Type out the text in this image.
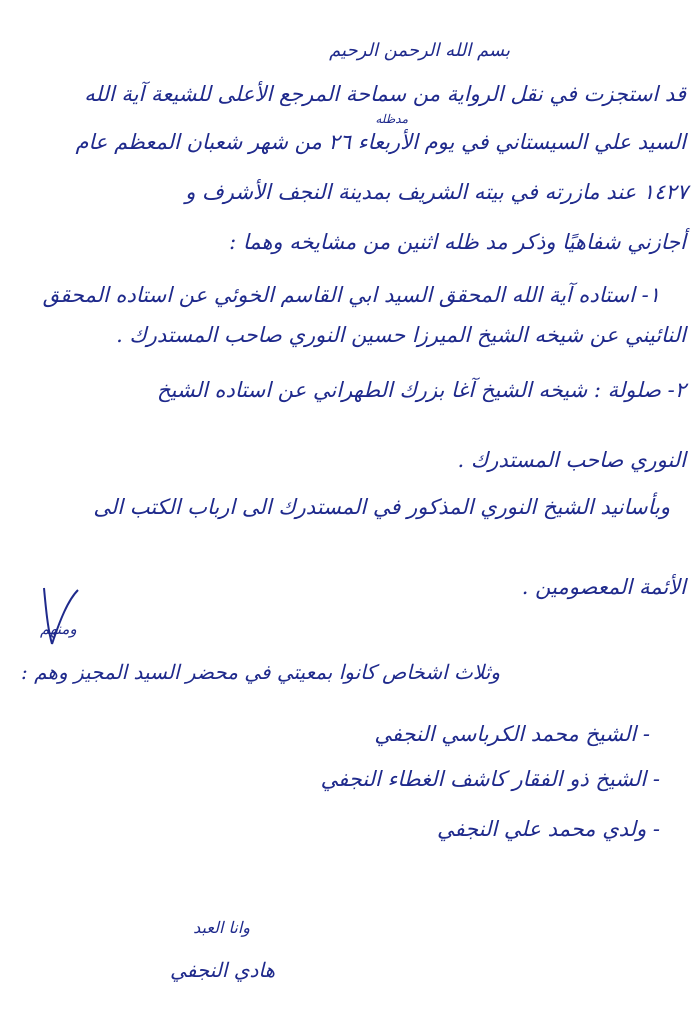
بسم الله الرحمن الرحيم
قد استجزت في نقل الرواية من سماحة المرجع الأعلى للشيعة آية الله
السيد علي السيستاني في يوم الأربعاء ٢٦ من شهر شعبان المعظم عام
مدظله
١٤٢٧ عند مازرته في بيته الشريف بمدينة النجف الأشرف و
أجازني شفاهيًا وذكر مد ظله اثنين من مشايخه وهما :
١- استاده آية الله المحقق السيد ابي القاسم الخوئي عن استاده المحقق
النائيني عن شيخه الشيخ الميرزا حسين النوري صاحب المستدرك .
٢- صلولة : شيخه الشيخ آغا بزرك الطهراني عن استاده الشيخ
النوري صاحب المستدرك .
وبأسانيد الشيخ النوري المذكور في المستدرك الى ارباب الكتب الى
ومنهم
الأئمة المعصومين .
وثلاث اشخاص كانوا بمعيتي في محضر السيد المجيز وهم :
- الشيخ محمد الكرباسي النجفي
- الشيخ ذو الفقار كاشف الغطاء النجفي
- ولدي محمد علي النجفي
وانا العبد
هادي النجفي
